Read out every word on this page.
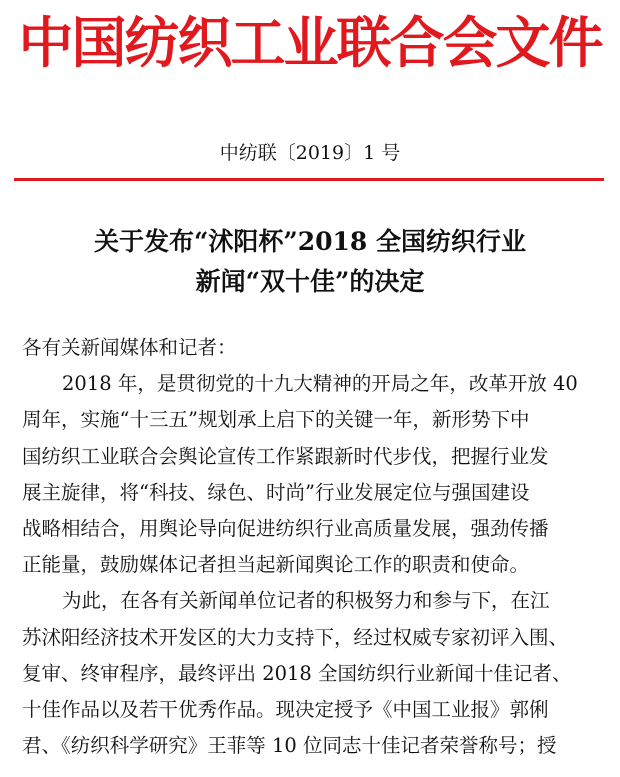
中国纺织工业联合会文件
中纺联〔2019〕1 号
关于发布“沭阳杯”2018 全国纺织行业
新闻“双十佳”的决定
各有关新闻媒体和记者：
2018 年，是贯彻党的十九大精神的开局之年，改革开放 40
周年，实施“十三五”规划承上启下的关键一年，新形势下中
国纺织工业联合会舆论宣传工作紧跟新时代步伐，把握行业发
展主旋律，将“科技、绿色、时尚”行业发展定位与强国建设
战略相结合，用舆论导向促进纺织行业高质量发展，强劲传播
正能量，鼓励媒体记者担当起新闻舆论工作的职责和使命。
为此，在各有关新闻单位记者的积极努力和参与下，在江
苏沭阳经济技术开发区的大力支持下，经过权威专家初评入围、
复审、终审程序，最终评出 2018 全国纺织行业新闻十佳记者、
十佳作品以及若干优秀作品。现决定授予《中国工业报》郭俐
君、《纺织科学研究》王菲等 10 位同志十佳记者荣誉称号；授
